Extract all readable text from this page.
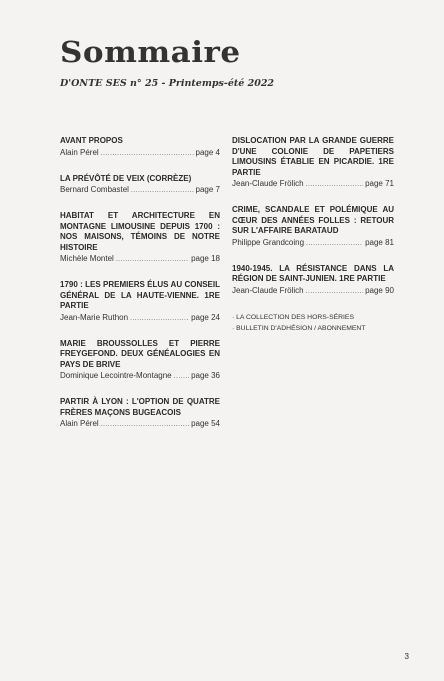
Sommaire
D'ONTE SES n° 25 - Printemps-été 2022
AVANT PROPOS
Alain Pérel .....	page 4
LA PRÉVÔTÉ DE VEIX (CORRÈZE)
Bernard Combastel .....	page 7
HABITAT ET ARCHITECTURE EN MONTAGNE LIMOUSINE DEPUIS 1700 : NOS MAISONS, TÉMOINS DE NOTRE HISTOIRE
Michèle Montel .....	page 18
1790 : LES PREMIERS ÉLUS AU CONSEIL GÉNÉRAL DE LA HAUTE-VIENNE. 1RE PARTIE
Jean-Marie Ruthon .....	page 24
MARIE BROUSSOLLES ET PIERRE FREYGEFOND. DEUX GÉNÉALOGIES EN PAYS DE BRIVE
Dominique Lecointre-Montagne ..... page 36
PARTIR À LYON : L'OPTION DE QUATRE FRÈRES MAÇONS BUGEACOIS
Alain Pérel .....	page 54
DISLOCATION PAR LA GRANDE GUERRE D'UNE COLONIE DE PAPETIERS LIMOUSINS ÉTABLIE EN PICARDIE. 1RE PARTIE
Jean-Claude Frölich .....	page 71
CRIME, SCANDALE ET POLÉMIQUE AU CŒUR DES ANNÉES FOLLES : RETOUR SUR L'AFFAIRE BARATAUD
Philippe Grandcoing .....	page 81
1940-1945. LA RÉSISTANCE DANS LA RÉGION DE SAINT-JUNIEN. 1RE PARTIE
Jean-Claude Frölich .....	page 90
· LA COLLECTION DES HORS-SÉRIES
· BULLETIN D'ADHÉSION / ABONNEMENT
3
